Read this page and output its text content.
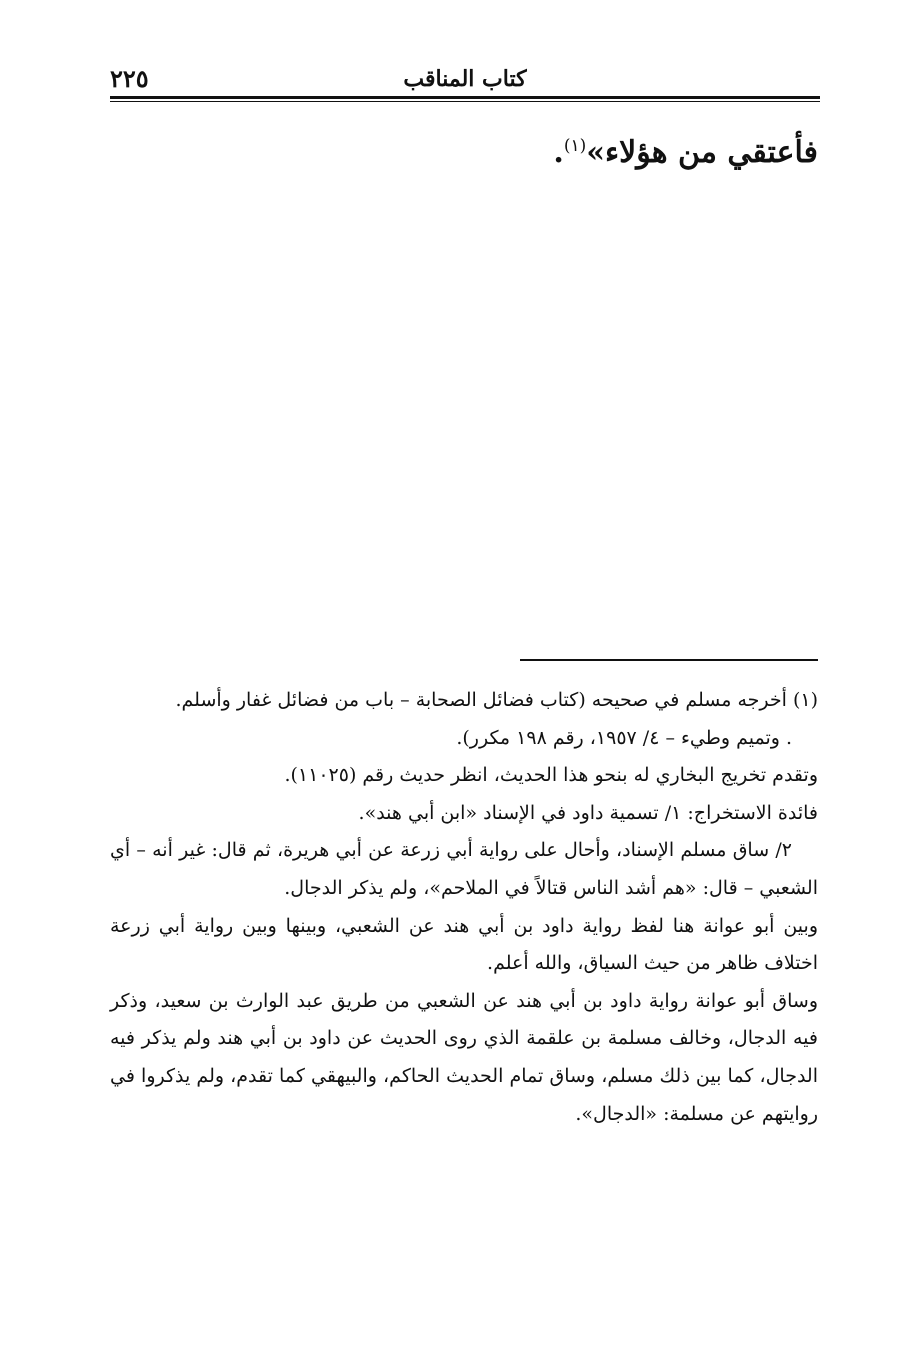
كتاب المناقب
٢٢٥
فأعتقي من هؤلاء»$^{(١)}$.

(١) أخرجه مسلم في صحيحه (كتاب فضائل الصحابة – باب من فضائل غفار وأسلم.

. وتميم وطيء – ٤/ ١٩٥٧، رقم ١٩٨ مكرر).

وتقدم تخريج البخاري له بنحو هذا الحديث، انظر حديث رقم (١١٠٢٥).

فائدة الاستخراج: ١/ تسمية داود في الإسناد «ابن أبي هند».

٢/ ساق مسلم الإسناد، وأحال على رواية أبي زرعة عن أبي هريرة، ثم قال: غير أنه – أي الشعبي – قال: «هم أشد الناس قتالاً في الملاحم»، ولم يذكر الدجال.

وبين أبو عوانة هنا لفظ رواية داود بن أبي هند عن الشعبي، وبينها وبين رواية أبي زرعة اختلاف ظاهر من حيث السياق، والله أعلم.

وساق أبو عوانة رواية داود بن أبي هند عن الشعبي من طريق عبد الوارث بن سعيد، وذكر فيه الدجال، وخالف مسلمة بن علقمة الذي روى الحديث عن داود بن أبي هند ولم يذكر فيه الدجال، كما بين ذلك مسلم، وساق تمام الحديث الحاكم، والبيهقي كما تقدم، ولم يذكروا في روايتهم عن مسلمة: «الدجال».
